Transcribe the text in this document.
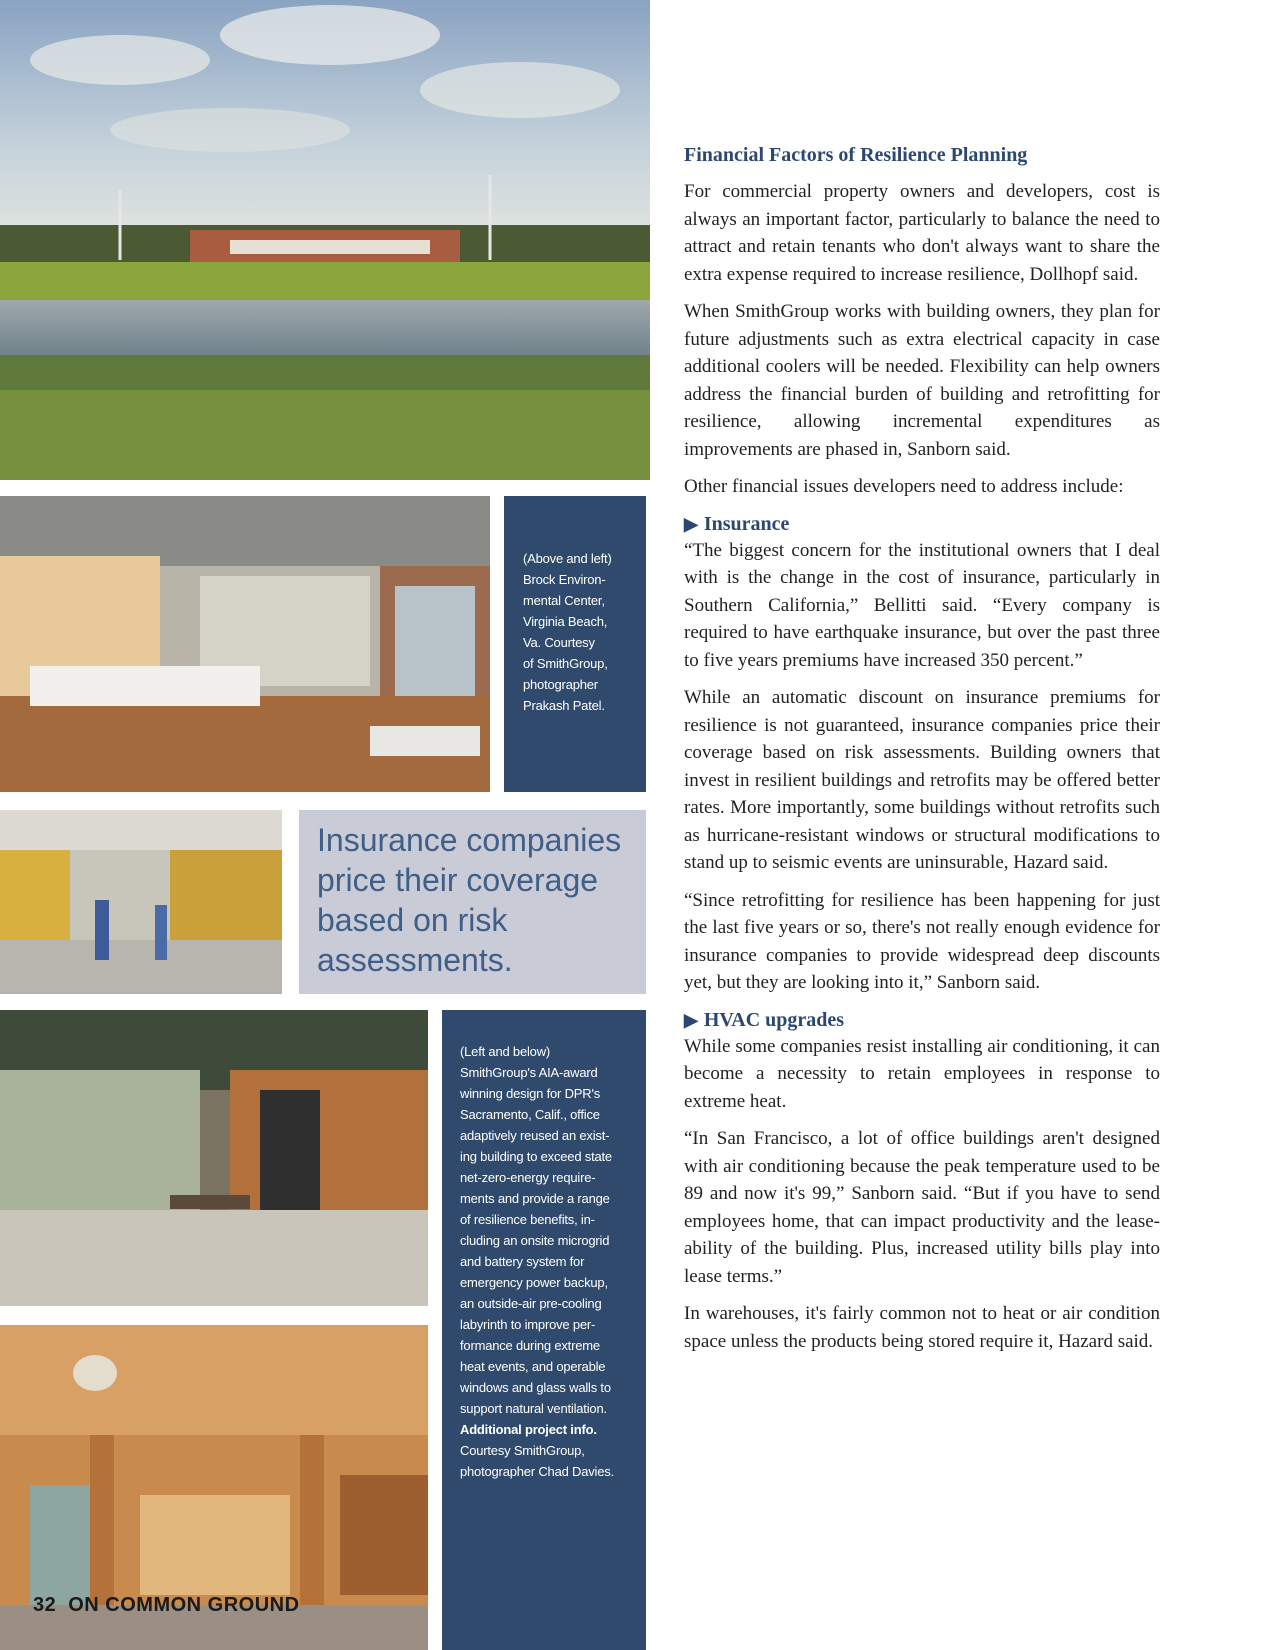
(Above and left)

Brock Environ-

mental Center,

Virginia Beach,

Va. Courtesy

of SmithGroup,

photographer

Prakash Patel.

Insurance companies price their coverage based on risk assessments.

(Left and below)

SmithGroup's AIA-award

winning design for DPR's

Sacramento, Calif., office

adaptively reused an exist-

ing building to exceed state

net-zero-energy require-

ments and provide a range

of resilience benefits, in-

cluding an onsite microgrid

and battery system for

emergency power backup,

an outside-air pre-cooling

labyrinth to improve per-

formance during extreme

heat events, and operable

windows and glass walls to

support natural ventilation.

Additional project info.

Courtesy SmithGroup,

photographer Chad Davies.

Financial Factors of Resilience Planning

For commercial property owners and developers, cost is always an important factor, particularly to balance the need to attract and retain tenants who don't always want to share the extra expense required to increase resilience, Dollhopf said.

When SmithGroup works with building owners, they plan for future adjustments such as extra electrical capacity in case additional coolers will be needed. Flexibility can help owners address the financial burden of building and retrofitting for resilience, allowing incremental expenditures as improvements are phased in, Sanborn said.

Other financial issues developers need to address include:

▶ Insurance

“The biggest concern for the institutional owners that I deal with is the change in the cost of insurance, particularly in Southern California,” Bellitti said. “Every company is required to have earthquake insurance, but over the past three to five years premiums have increased 350 percent.”

While an automatic discount on insurance premiums for resilience is not guaranteed, insurance companies price their coverage based on risk assessments. Building owners that invest in resilient buildings and retrofits may be offered better rates. More importantly, some buildings without retrofits such as hurricane-resistant windows or structural modifications to stand up to seismic events are uninsurable, Hazard said.

“Since retrofitting for resilience has been happening for just the last five years or so, there's not really enough evidence for insurance companies to provide widespread deep discounts yet, but they are looking into it,” Sanborn said.

▶ HVAC upgrades

While some companies resist installing air conditioning, it can become a necessity to retain employees in response to extreme heat.

“In San Francisco, a lot of office buildings aren't designed with air conditioning because the peak temperature used to be 89 and now it's 99,” Sanborn said. “But if you have to send employees home, that can impact productivity and the lease-ability of the building. Plus, increased utility bills play into lease terms.”

In warehouses, it's fairly common not to heat or air condition space unless the products being stored require it, Hazard said.

32 ON COMMON GROUND
